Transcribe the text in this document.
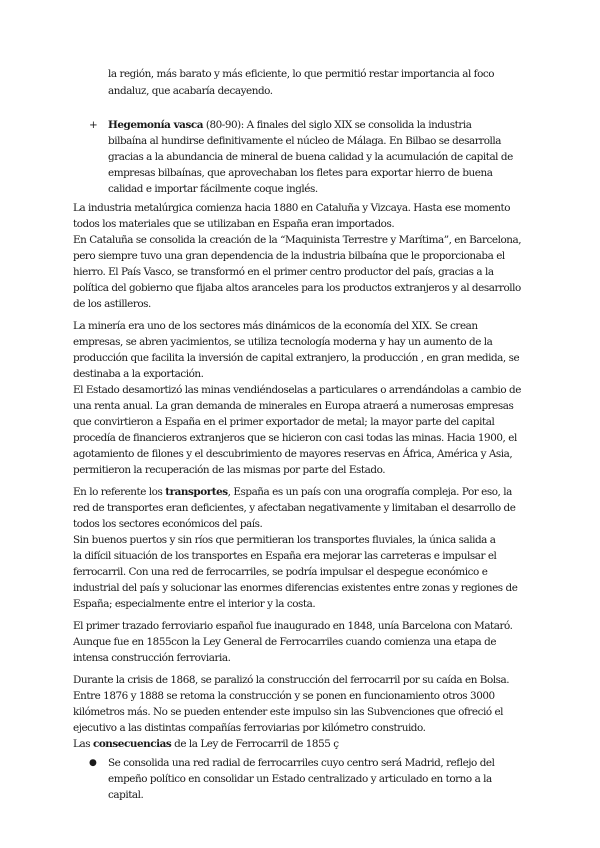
la región, más barato y más eficiente, lo que permitió restar importancia al foco
andaluz, que acabaría decayendo.
+ Hegemonía vasca (80-90): A finales del siglo XIX se consolida la industria
bilbaína al hundirse definitivamente el núcleo de Málaga. En Bilbao se desarrolla
gracias a la abundancia de mineral de buena calidad y la acumulación de capital de
empresas bilbaínas, que aprovechaban los fletes para exportar hierro de buena
calidad e importar fácilmente coque inglés.
La industria metalúrgica comienza hacia 1880 en Cataluña y Vizcaya. Hasta ese momento
todos los materiales que se utilizaban en España eran importados.
En Cataluña se consolida la creación de la “Maquinista Terrestre y Marítima”, en Barcelona,
pero siempre tuvo una gran dependencia de la industria bilbaína que le proporcionaba el
hierro. El País Vasco, se transformó en el primer centro productor del país, gracias a la
política del gobierno que fijaba altos aranceles para los productos extranjeros y al desarrollo
de los astilleros.
La minería era uno de los sectores más dinámicos de la economía del XIX. Se crean
empresas, se abren yacimientos, se utiliza tecnología moderna y hay un aumento de la
producción que facilita la inversión de capital extranjero, la producción , en gran medida, se
destinaba a la exportación.
El Estado desamortizó las minas vendiéndoselas a particulares o arrendándolas a cambio de
una renta anual. La gran demanda de minerales en Europa atraerá a numerosas empresas
que convirtieron a España en el primer exportador de metal; la mayor parte del capital
procedía de financieros extranjeros que se hicieron con casi todas las minas. Hacia 1900, el
agotamiento de filones y el descubrimiento de mayores reservas en África, América y Asia,
permitieron la recuperación de las mismas por parte del Estado.
En lo referente los transportes, España es un país con una orografía compleja. Por eso, la
red de transportes eran deficientes, y afectaban negativamente y limitaban el desarrollo de
todos los sectores económicos del país.
Sin buenos puertos y sin ríos que permitieran los transportes fluviales, la única salida a
la difícil situación de los transportes en España era mejorar las carreteras e impulsar el
ferrocarril. Con una red de ferrocarriles, se podría impulsar el despegue económico e
industrial del país y solucionar las enormes diferencias existentes entre zonas y regiones de
España; especialmente entre el interior y la costa.
El primer trazado ferroviario español fue inaugurado en 1848, unía Barcelona con Mataró.
Aunque fue en 1855con la Ley General de Ferrocarriles cuando comienza una etapa de
intensa construcción ferroviaria.
Durante la crisis de 1868, se paralizó la construcción del ferrocarril por su caída en Bolsa.
Entre 1876 y 1888 se retoma la construcción y se ponen en funcionamiento otros 3000
kilómetros más. No se pueden entender este impulso sin las Subvenciones que ofreció el
ejecutivo a las distintas compañías ferroviarias por kilómetro construido.
Las consecuencias de la Ley de Ferrocarril de 1855 ç
● Se consolida una red radial de ferrocarriles cuyo centro será Madrid, reflejo del
empeño político en consolidar un Estado centralizado y articulado en torno a la
capital.
